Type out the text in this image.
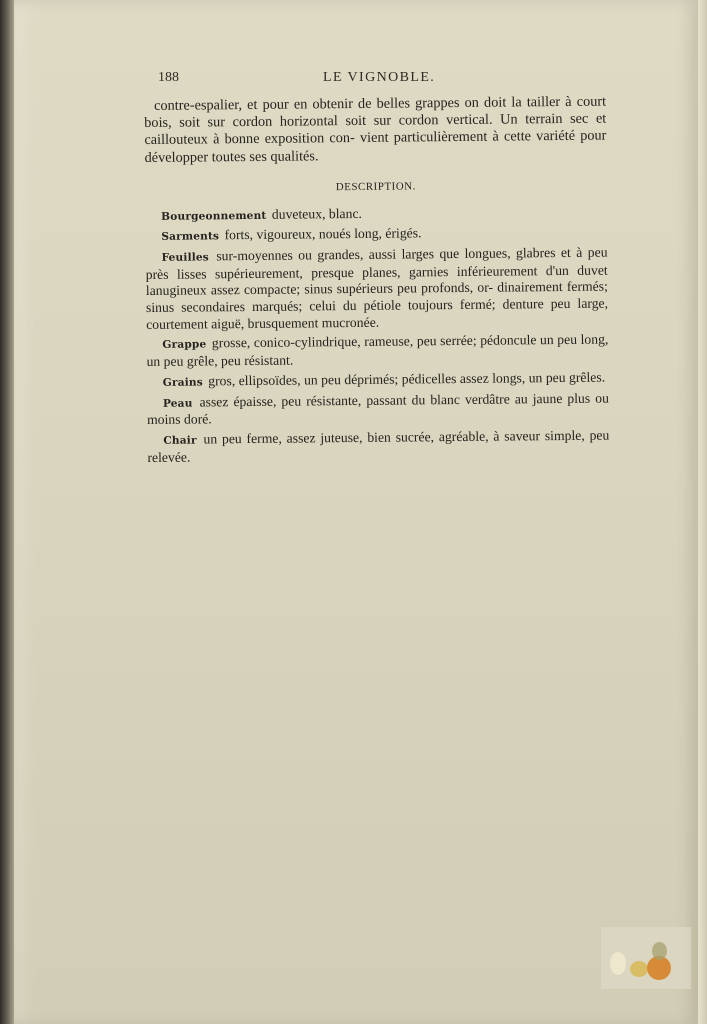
188	LE VIGNOBLE.

contre-espalier, et pour en obtenir de belles grappes on doit la tailler à court bois, soit sur cordon horizontal soit sur cordon vertical. Un terrain sec et caillouteux à bonne exposition con- vient particulièrement à cette variété pour développer toutes ses qualités.

DESCRIPTION.

Bourgeonnement duveteux, blanc.

Sarments forts, vigoureux, noués long, érigés.

Feuilles sur-moyennes ou grandes, aussi larges que longues, glabres et à peu près lisses supérieurement, presque planes, garnies inférieurement d'un duvet lanugineux assez compacte; sinus supérieurs peu profonds, or- dinairement fermés; sinus secondaires marqués; celui du pétiole toujours fermé; denture peu large, courtement aiguë, brusquement mucronée.

Grappe grosse, conico-cylindrique, rameuse, peu serrée; pédoncule un peu long, un peu grêle, peu résistant.

Grains gros, ellipsoïdes, un peu déprimés; pédicelles assez longs, un peu grêles.

Peau assez épaisse, peu résistante, passant du blanc verdâtre au jaune plus ou moins doré.

Chair un peu ferme, assez juteuse, bien sucrée, agréable, à saveur simple, peu relevée.
